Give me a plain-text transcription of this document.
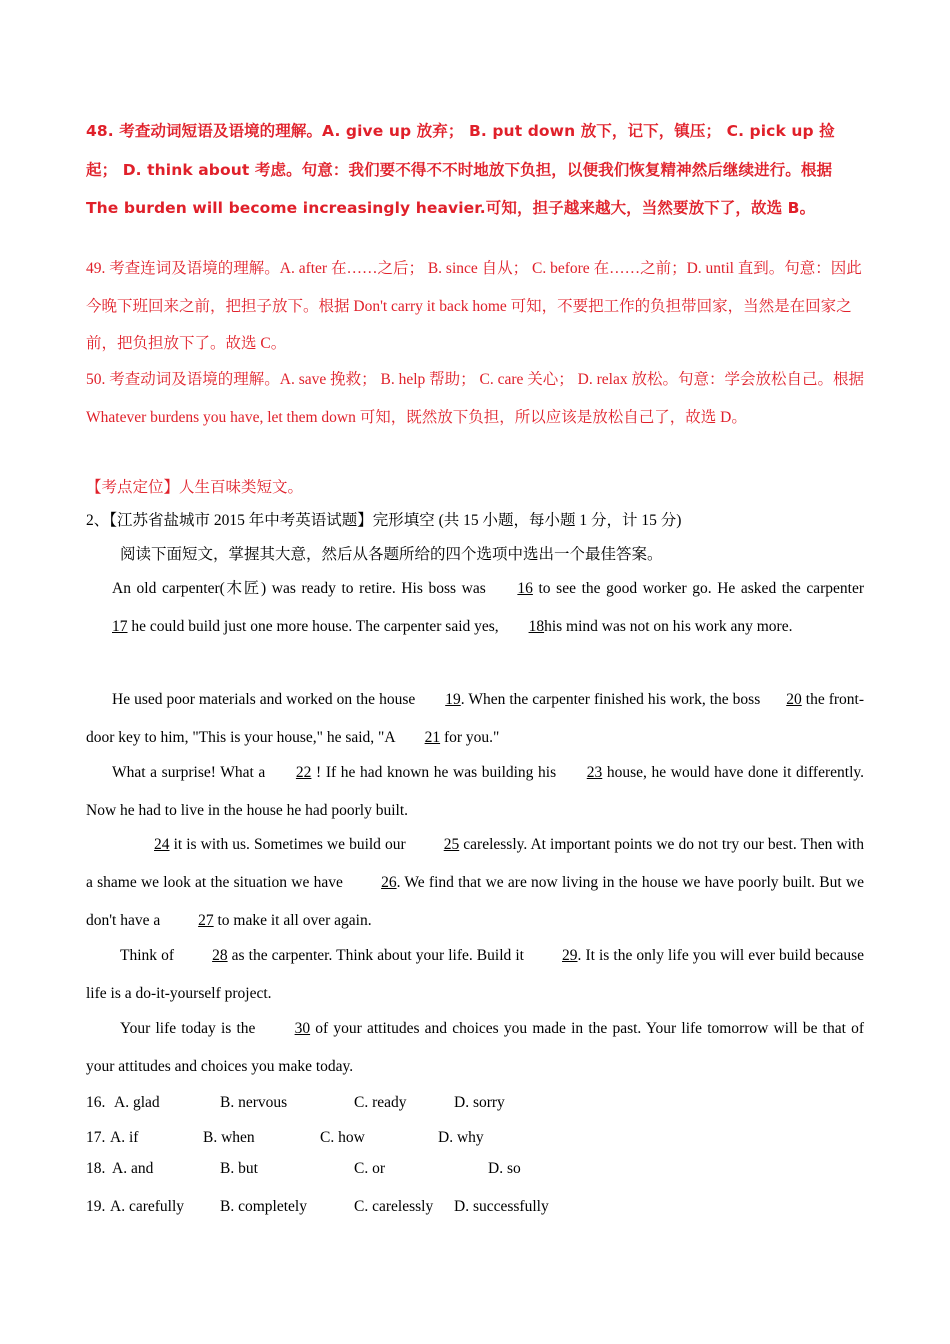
48. 考查动词短语及语境的理解。A. give up 放弃； B. put down 放下，记下，镇压； C. pick up 捡起； D. think about 考虑。句意：我们要不得不不时地放下负担，以便我们恢复精神然后继续进行。根据 The burden will become increasingly heavier.可知，担子越来越大，当然要放下了，故选 B。
49. 考查连词及语境的理解。A. after 在……之后； B. since 自从； C. before 在……之前；D. until 直到。句意：因此今晚下班回来之前，把担子放下。根据 Don't carry it back home 可知，不要把工作的负担带回家，当然是在回家之前，把负担放下了。故选 C。
50. 考查动词及语境的理解。A. save 挽救； B. help 帮助； C. care 关心； D. relax 放松。句意：学会放松自己。根据 Whatever burdens you have, let them down 可知，既然放下负担，所以应该是放松自己了，故选 D。
【考点定位】人生百味类短文。
2、【江苏省盐城市 2015 年中考英语试题】完形填空 (共 15 小题，每小题 1 分，计 15 分)
阅读下面短文，掌握其大意，然后从各题所给的四个选项中选出一个最佳答案。
An old carpenter(木匠) was ready to retire. His boss was 16 to see the good worker go. He asked the carpenter 17 he could build just one more house. The carpenter said yes, 18his mind was not on his work any more.
He used poor materials and worked on the house 19. When the carpenter finished his work, the boss 20 the front-door key to him, "This is your house," he said, "A 21 for you."
What a surprise! What a 22 ! If he had known he was building his 23 house, he would have done it differently. Now he had to live in the house he had poorly built.
24 it is with us. Sometimes we build our 25 carelessly. At important points we do not try our best. Then with a shame we look at the situation we have 26. We find that we are now living in the house we have poorly built. But we don't have a 27 to make it all over again.
Think of 28 as the carpenter. Think about your life. Build it 29. It is the only life you will ever build because life is a do-it-yourself project.
Your life today is the 30 of your attitudes and choices you made in the past. Your life tomorrow will be that of your attitudes and choices you make today.
16. A. glad	B. nervous	C. ready	D. sorry
17. A. if	B. when	C. how	D. why
18. A. and	B. but	C. or	D. so
19. A. carefully B. completely	C. carelessly D. successfully
